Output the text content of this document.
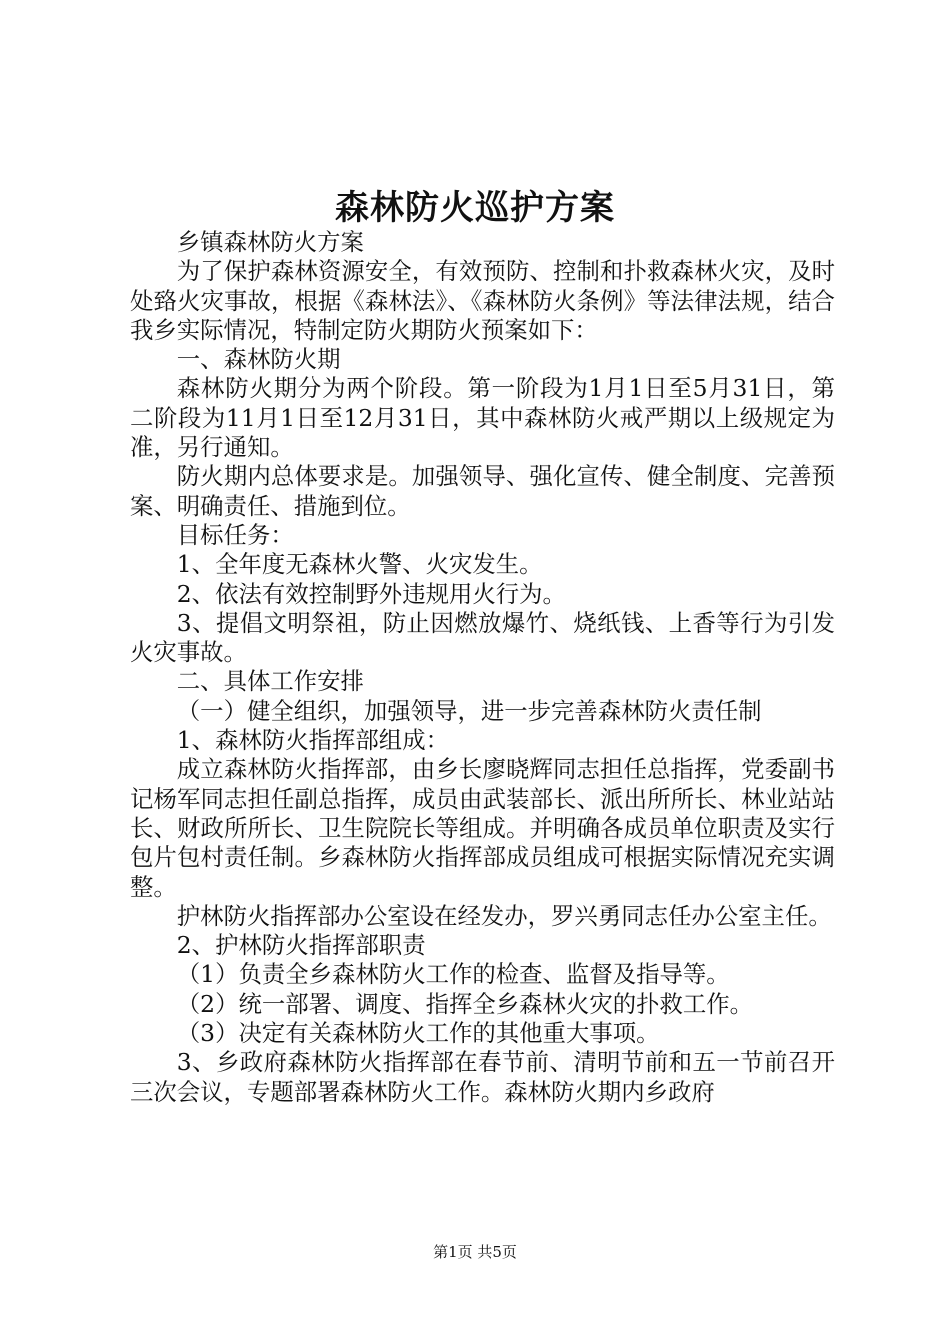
森林防火巡护方案

乡镇森林防火方案

为了保护森林资源安全，有效预防、控制和扑救森林火灾，及时处臵火灾事故，根据《森林法》、《森林防火条例》等法律法规，结合我乡实际情况，特制定防火期防火预案如下：

一、森林防火期

森林防火期分为两个阶段。第一阶段为1月1日至5月31日，第二阶段为11月1日至12月31日，其中森林防火戒严期以上级规定为准，另行通知。

防火期内总体要求是。加强领导、强化宣传、健全制度、完善预案、明确责任、措施到位。

目标任务：

1、全年度无森林火警、火灾发生。

2、依法有效控制野外违规用火行为。

3、提倡文明祭祖，防止因燃放爆竹、烧纸钱、上香等行为引发火灾事故。

二、具体工作安排

（一）健全组织，加强领导，进一步完善森林防火责任制

1、森林防火指挥部组成：

成立森林防火指挥部，由乡长廖晓辉同志担任总指挥，党委副书记杨军同志担任副总指挥，成员由武装部长、派出所所长、林业站站长、财政所所长、卫生院院长等组成。并明确各成员单位职责及实行包片包村责任制。乡森林防火指挥部成员组成可根据实际情况充实调整。

护林防火指挥部办公室设在经发办，罗兴勇同志任办公室主任。

2、护林防火指挥部职责

（1）负责全乡森林防火工作的检查、监督及指导等。

（2）统一部署、调度、指挥全乡森林火灾的扑救工作。

（3）决定有关森林防火工作的其他重大事项。

3、乡政府森林防火指挥部在春节前、清明节前和五一节前召开三次会议，专题部署森林防火工作。森林防火期内乡政府

第1页 共5页
